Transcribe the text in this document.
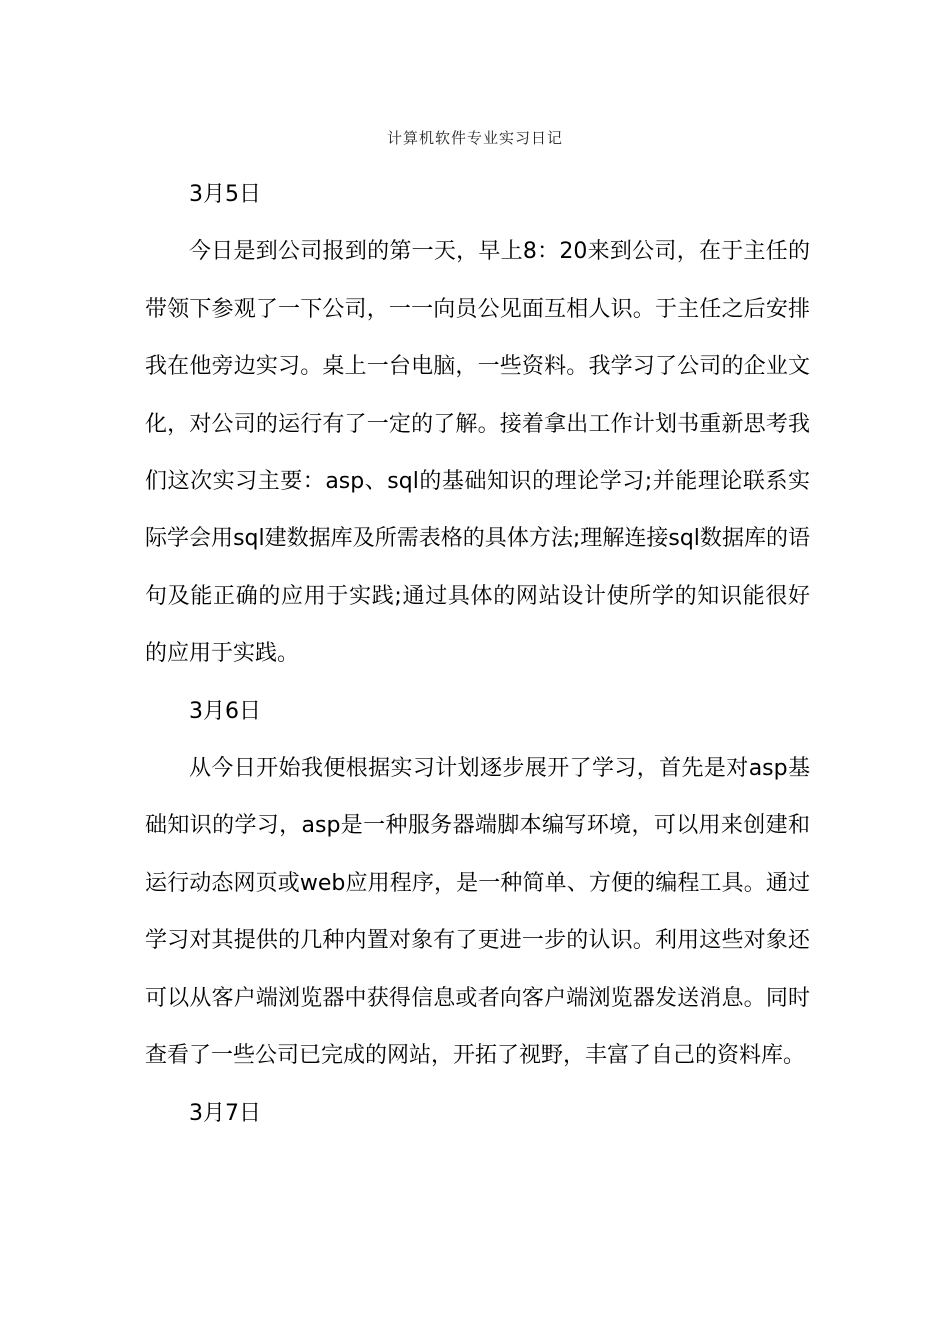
计算机软件专业实习日记

3月5日

今日是到公司报到的第一天，早上8：20来到公司，在于主任的带领下参观了一下公司，一一向员公见面互相人识。于主任之后安排我在他旁边实习。桌上一台电脑，一些资料。我学习了公司的企业文化，对公司的运行有了一定的了解。接着拿出工作计划书重新思考我们这次实习主要：asp、sql的基础知识的理论学习;并能理论联系实际学会用sql建数据库及所需表格的具体方法;理解连接sql数据库的语句及能正确的应用于实践;通过具体的网站设计使所学的知识能很好的应用于实践。

3月6日

从今日开始我便根据实习计划逐步展开了学习，首先是对asp基础知识的学习，asp是一种服务器端脚本编写环境，可以用来创建和运行动态网页或web应用程序，是一种简单、方便的编程工具。通过学习对其提供的几种内置对象有了更进一步的认识。利用这些对象还可以从客户端浏览器中获得信息或者向客户端浏览器发送消息。同时查看了一些公司已完成的网站，开拓了视野，丰富了自己的资料库。

3月7日
